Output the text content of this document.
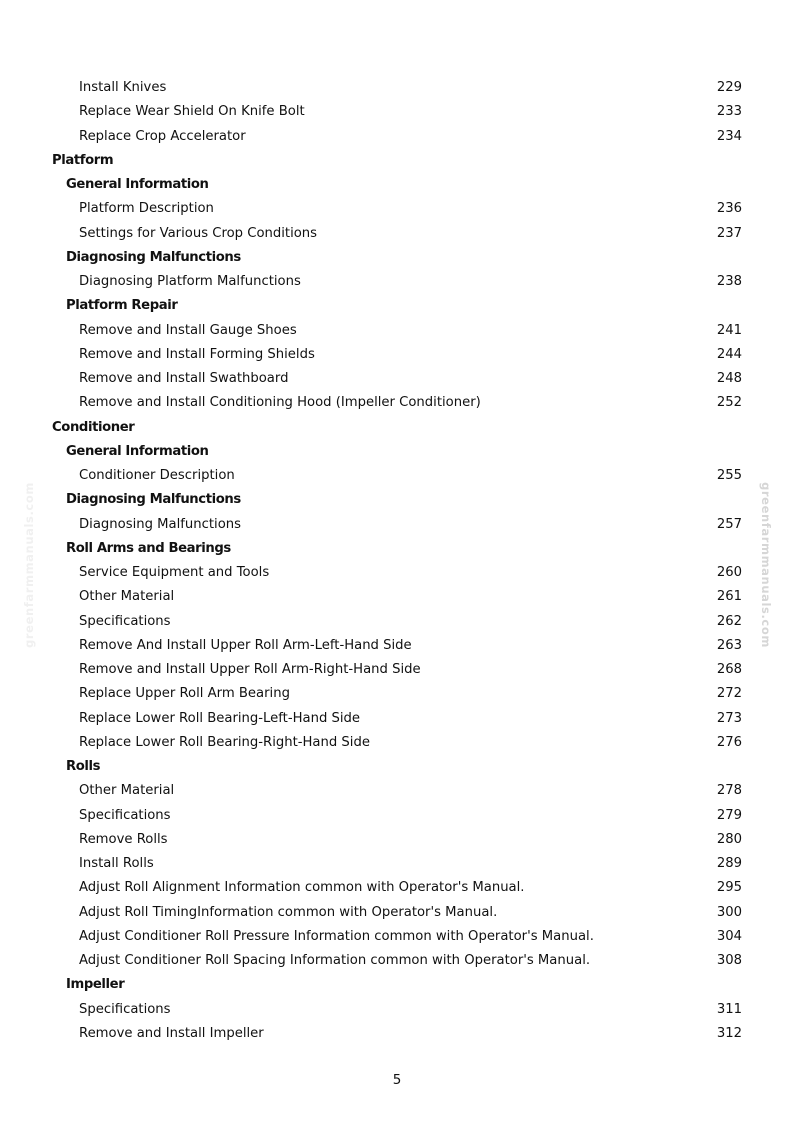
Install Knives	229
Replace Wear Shield On Knife Bolt	233
Replace Crop Accelerator	234
Platform
General Information
Platform Description	236
Settings for Various Crop Conditions	237
Diagnosing Malfunctions
Diagnosing Platform Malfunctions	238
Platform Repair
Remove and Install Gauge Shoes	241
Remove and Install Forming Shields	244
Remove and Install Swathboard	248
Remove and Install Conditioning Hood (Impeller Conditioner)	252
Conditioner
General Information
Conditioner Description	255
Diagnosing Malfunctions
Diagnosing Malfunctions	257
Roll Arms and Bearings
Service Equipment and Tools	260
Other Material	261
Specifications	262
Remove And Install Upper Roll Arm-Left-Hand Side	263
Remove and Install Upper Roll Arm-Right-Hand Side	268
Replace Upper Roll Arm Bearing	272
Replace Lower Roll Bearing-Left-Hand Side	273
Replace Lower Roll Bearing-Right-Hand Side	276
Rolls
Other Material	278
Specifications	279
Remove Rolls	280
Install Rolls	289
Adjust Roll Alignment Information common with Operator's Manual.	295
Adjust Roll TimingInformation common with Operator's Manual.	300
Adjust Conditioner Roll Pressure Information common with Operator's Manual.	304
Adjust Conditioner Roll Spacing Information common with Operator's Manual.	308
Impeller
Specifications	311
Remove and Install Impeller	312
5
greenfarmmanuals.com	greenfarmmanuals.com
